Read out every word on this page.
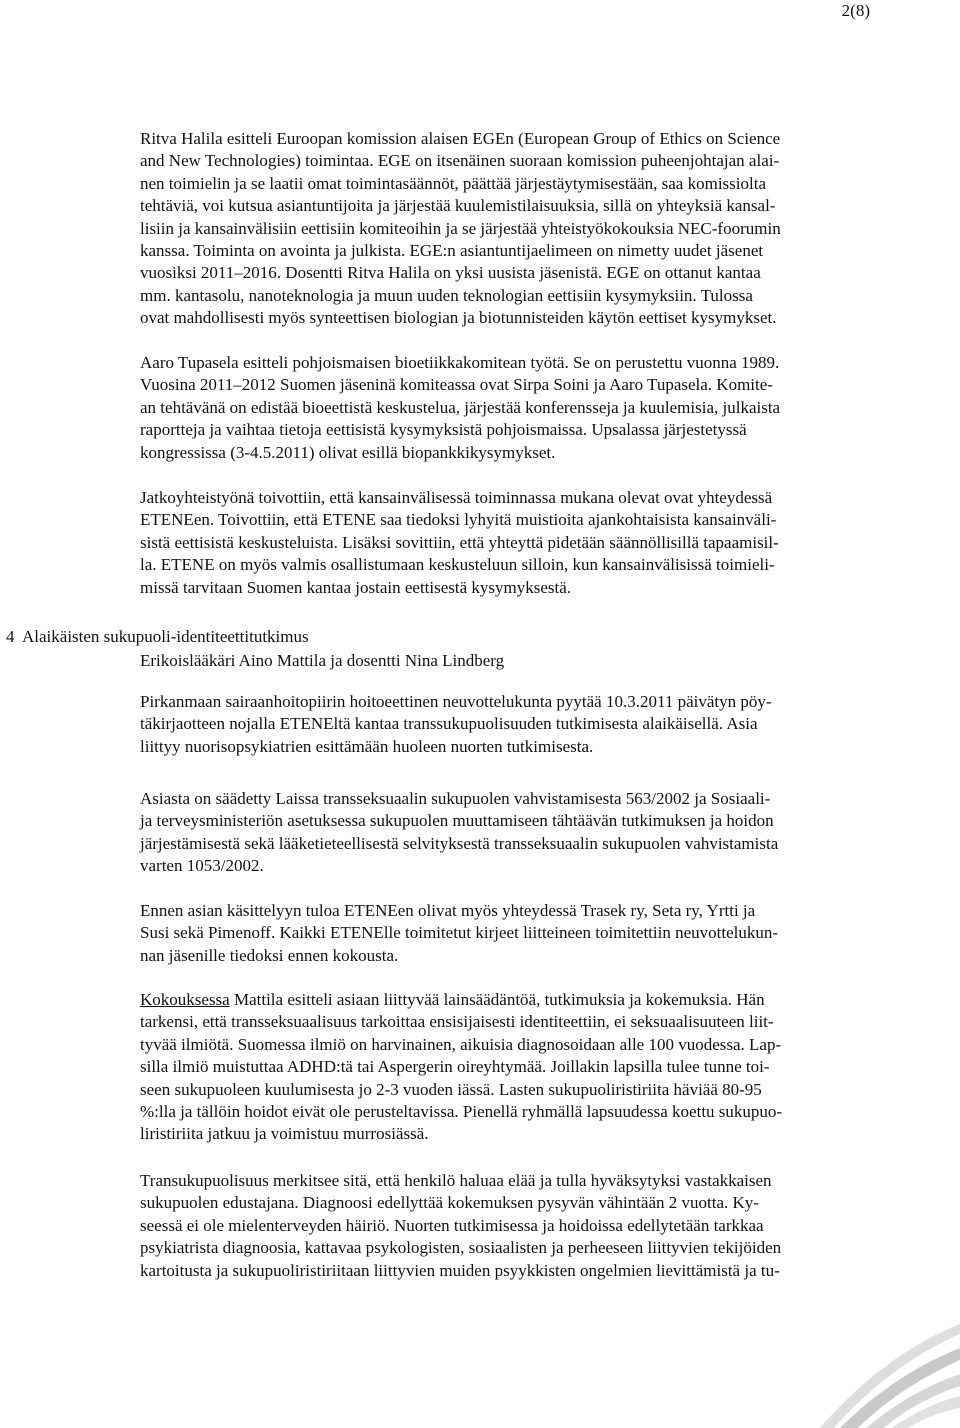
2(8)

Ritva Halila esitteli Euroopan komission alaisen EGEn (European Group of Ethics on Science
and New Technologies) toimintaa. EGE on itsenäinen suoraan komission puheenjohtajan alai-
nen toimielin ja se laatii omat toimintasäännöt, päättää järjestäytymisestään, saa komissiolta
tehtäviä, voi kutsua asiantuntijoita ja järjestää kuulemistilaisuuksia, sillä on yhteyksiä kansal-
lisiin ja kansainvälisiin eettisiin komiteoihin ja se järjestää yhteistyökokouksia NEC-foorumin
kanssa. Toiminta on avointa ja julkista. EGE:n asiantuntijaelimeen on nimetty uudet jäsenet
vuosiksi 2011–2016. Dosentti Ritva Halila on yksi uusista jäsenistä. EGE on ottanut kantaa
mm. kantasolu, nanoteknologia ja muun uuden teknologian eettisiin kysymyksiin. Tulossa
ovat mahdollisesti myös synteettisen biologian ja biotunnisteiden käytön eettiset kysymykset.

Aaro Tupasela esitteli pohjoismaisen bioetiikkakomitean työtä. Se on perustettu vuonna 1989.
Vuosina 2011–2012 Suomen jäseninä komiteassa ovat Sirpa Soini ja Aaro Tupasela. Komite-
an tehtävänä on edistää bioeettistä keskustelua, järjestää konferensseja ja kuulemisia, julkaista
raportteja ja vaihtaa tietoja eettisistä kysymyksistä pohjoismaissa. Upsalassa järjestetyssä
kongressissa (3-4.5.2011) olivat esillä biopankkikysymykset.

Jatkoyhteistyönä toivottiin, että kansainvälisessä toiminnassa mukana olevat ovat yhteydessä
ETENEen. Toivottiin, että ETENE saa tiedoksi lyhyitä muistioita ajankohtaisista kansainväli-
sistä eettisistä keskusteluista. Lisäksi sovittiin, että yhteyttä pidetään säännöllisillä tapaamisil-
la. ETENE on myös valmis osallistumaan keskusteluun silloin, kun kansainvälisissä toimieli-
missä tarvitaan Suomen kantaa jostain eettisestä kysymyksestä.

4 Alaikäisten sukupuoli-identiteettitutkimus
Erikoislääkäri Aino Mattila ja dosentti Nina Lindberg

Pirkanmaan sairaanhoitopiirin hoitoeettinen neuvottelukunta pyytää 10.3.2011 päivätyn pöy-
täkirjaotteen nojalla ETENEltä kantaa transsukupuolisuuden tutkimisesta alaikäisellä. Asia
liittyy nuorisopsykiatrien esittämään huoleen nuorten tutkimisesta.

Asiasta on säädetty Laissa transseksuaalin sukupuolen vahvistamisesta 563/2002 ja Sosiaali-
ja terveysministeriön asetuksessa sukupuolen muuttamiseen tähtäävän tutkimuksen ja hoidon
järjestämisestä sekä lääketieteellisestä selvityksestä transseksuaalin sukupuolen vahvistamista
varten 1053/2002.

Ennen asian käsittelyyn tuloa ETENEen olivat myös yhteydessä Trasek ry, Seta ry, Yrtti ja
Susi sekä Pimenoff. Kaikki ETENElle toimitetut kirjeet liitteineen toimitettiin neuvottelukun-
nan jäsenille tiedoksi ennen kokousta.

Kokouksessa Mattila esitteli asiaan liittyvää lainsäädäntöä, tutkimuksia ja kokemuksia. Hän
tarkensi, että transseksuaalisuus tarkoittaa ensisijaisesti identiteettiin, ei seksuaalisuuteen liit-
tyvää ilmiötä. Suomessa ilmiö on harvinainen, aikuisia diagnosoidaan alle 100 vuodessa. Lap-
silla ilmiö muistuttaa ADHD:tä tai Aspergerin oireyhtymää. Joillakin lapsilla tulee tunne toi-
seen sukupuoleen kuulumisesta jo 2-3 vuoden iässä. Lasten sukupuoliristiriita häviää 80-95
%:lla ja tällöin hoidot eivät ole perusteltavissa. Pienellä ryhmällä lapsuudessa koettu sukupuo-
liristiriita jatkuu ja voimistuu murrosiässä.

Transukupuolisuus merkitsee sitä, että henkilö haluaa elää ja tulla hyväksytyksi vastakkaisen
sukupuolen edustajana. Diagnoosi edellyttää kokemuksen pysyvän vähintään 2 vuotta. Ky-
seessä ei ole mielenterveyden häiriö. Nuorten tutkimisessa ja hoidoissa edellytetään tarkkaa
psykiatrista diagnoosia, kattavaa psykologisten, sosiaalisten ja perheeseen liittyvien tekijöiden
kartoitusta ja sukupuoliristiriitaan liittyvien muiden psyykkisten ongelmien lievittämistä ja tu-
